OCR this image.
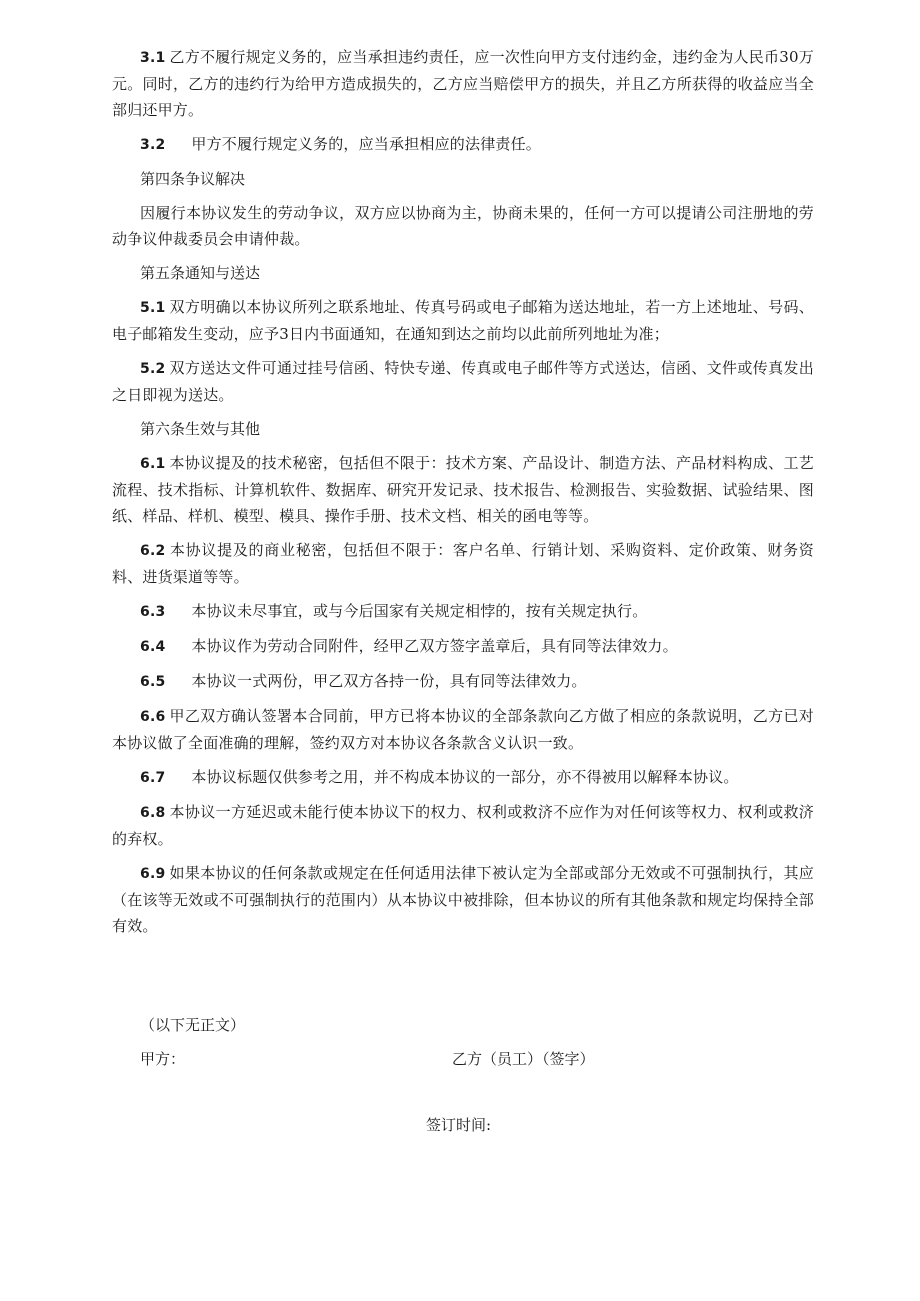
3.1 乙方不履行规定义务的，应当承担违约责任，应一次性向甲方支付违约金，违约金为人民币30万元。同时，乙方的违约行为给甲方造成损失的，乙方应当赔偿甲方的损失，并且乙方所获得的收益应当全部归还甲方。

3.2 甲方不履行规定义务的，应当承担相应的法律责任。

第四条争议解决

因履行本协议发生的劳动争议，双方应以协商为主，协商未果的，任何一方可以提请公司注册地的劳动争议仲裁委员会申请仲裁。

第五条通知与送达

5.1 双方明确以本协议所列之联系地址、传真号码或电子邮箱为送达地址，若一方上述地址、号码、电子邮箱发生变动，应予3日内书面通知，在通知到达之前均以此前所列地址为准；

5.2 双方送达文件可通过挂号信函、特快专递、传真或电子邮件等方式送达，信函、文件或传真发出之日即视为送达。

第六条生效与其他

6.1 本协议提及的技术秘密，包括但不限于：技术方案、产品设计、制造方法、产品材料构成、工艺流程、技术指标、计算机软件、数据库、研究开发记录、技术报告、检测报告、实验数据、试验结果、图纸、样品、样机、模型、模具、操作手册、技术文档、相关的函电等等。

6.2 本协议提及的商业秘密，包括但不限于：客户名单、行销计划、采购资料、定价政策、财务资料、进货渠道等等。

6.3 本协议未尽事宜，或与今后国家有关规定相悖的，按有关规定执行。

6.4 本协议作为劳动合同附件，经甲乙双方签字盖章后，具有同等法律效力。

6.5 本协议一式两份，甲乙双方各持一份，具有同等法律效力。

6.6 甲乙双方确认签署本合同前，甲方已将本协议的全部条款向乙方做了相应的条款说明，乙方已对本协议做了全面准确的理解，签约双方对本协议各条款含义认识一致。

6.7 本协议标题仅供参考之用，并不构成本协议的一部分，亦不得被用以解释本协议。

6.8 本协议一方延迟或未能行使本协议下的权力、权利或救济不应作为对任何该等权力、权利或救济的弃权。

6.9 如果本协议的任何条款或规定在任何适用法律下被认定为全部或部分无效或不可强制执行，其应（在该等无效或不可强制执行的范围内）从本协议中被排除，但本协议的所有其他条款和规定均保持全部有效。

（以下无正文）
甲方：	乙方（员工）（签字）
签订时间:
